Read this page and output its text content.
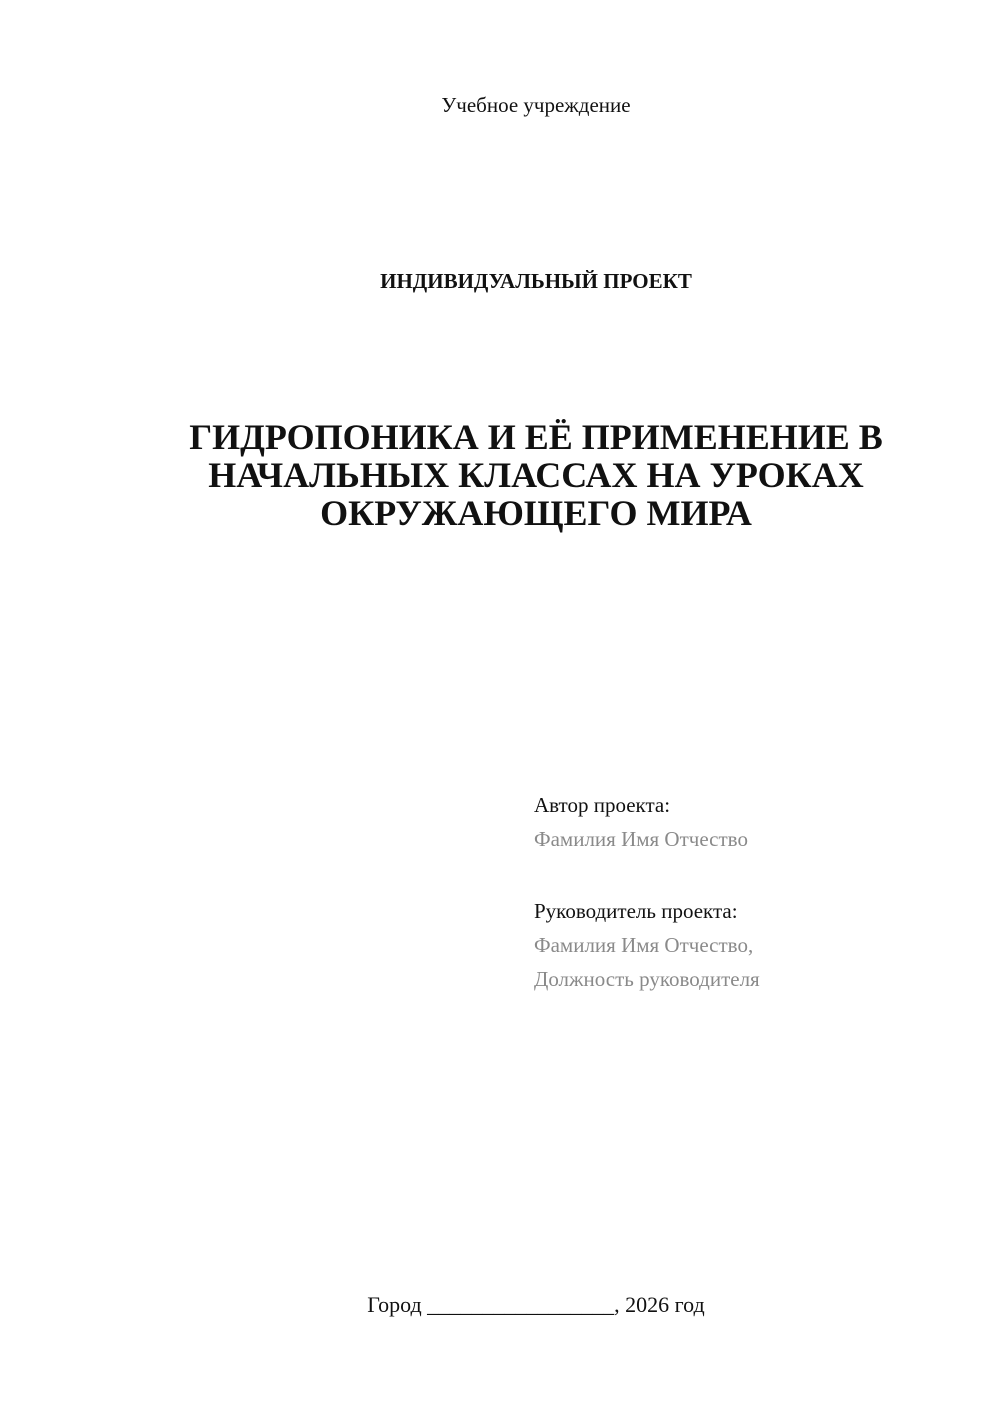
Учебное учреждение
ИНДИВИДУАЛЬНЫЙ ПРОЕКТ
ГИДРОПОНИКА И ЕЁ ПРИМЕНЕНИЕ В
НАЧАЛЬНЫХ КЛАССАХ НА УРОКАХ
ОКРУЖАЮЩЕГО МИРА
Автор проекта:
Фамилия Имя Отчество
Руководитель проекта:
Фамилия Имя Отчество,
Должность руководителя
Город _________________, 2026 год
